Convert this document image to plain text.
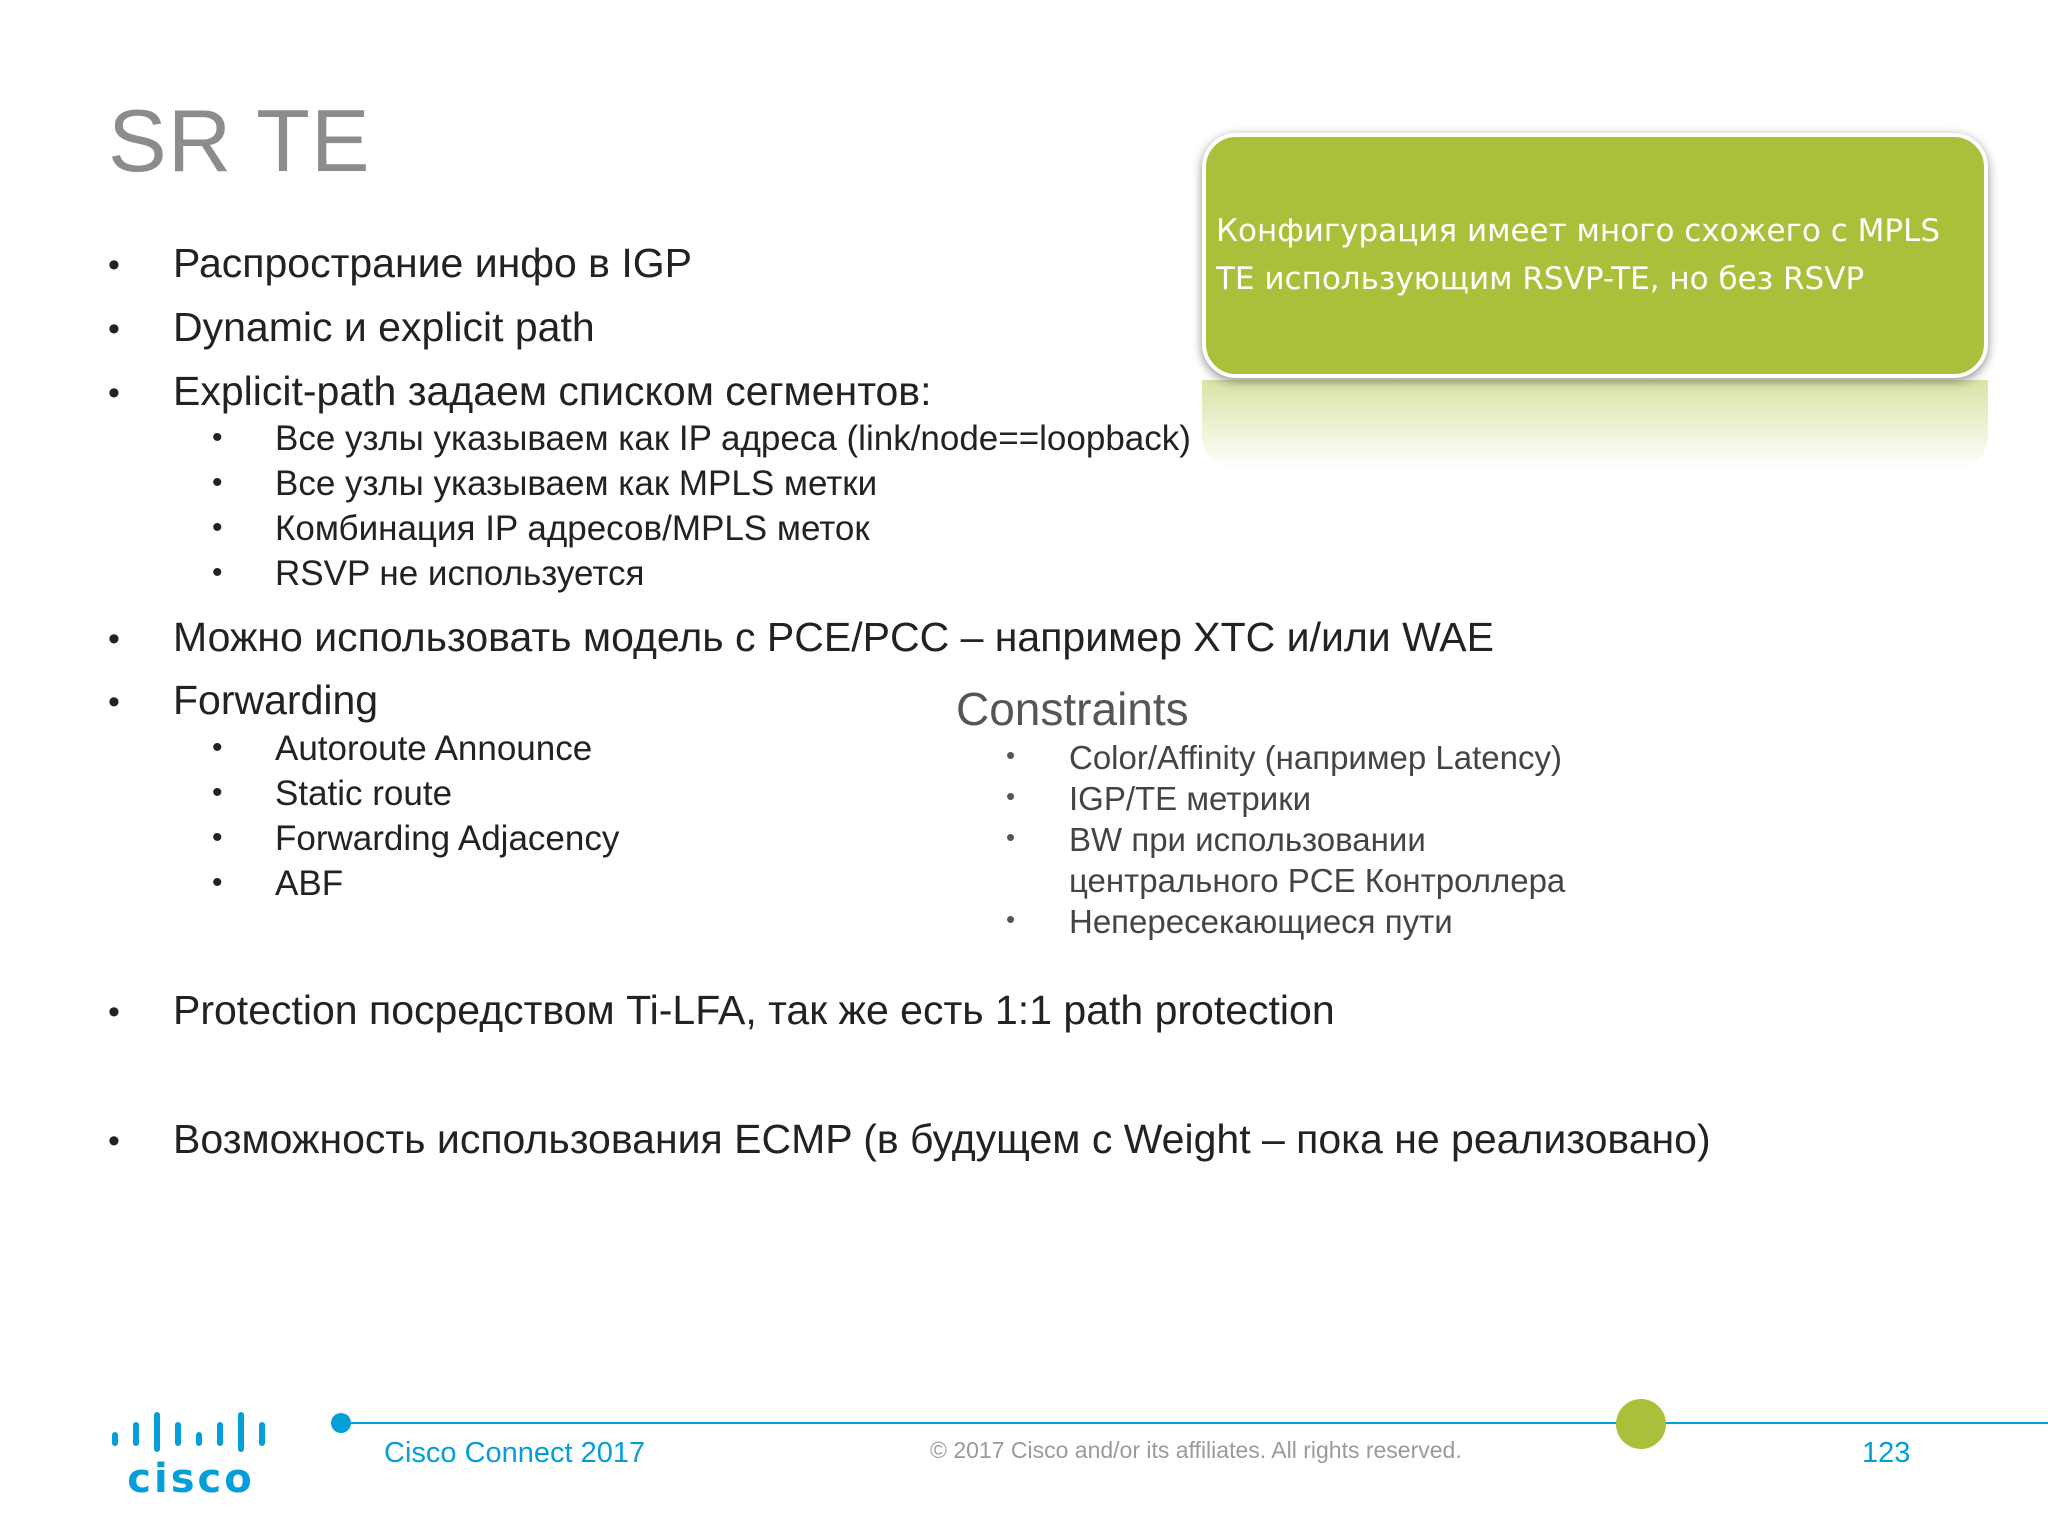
SR TE
Конфигурация имеет много схожего с MPLS
TE использующим RSVP-TE, но без RSVP
• Распространие инфо в IGP
• Dynamic и explicit path
• Explicit-path задаем списком сегментов:
• Все узлы указываем как IP адреса (link/node==loopback)
• Все узлы указываем как MPLS метки
• Комбинация IP адресов/MPLS меток
• RSVP не используется
• Можно использовать модель с PCE/PCC – например XTC и/или WAE
• Forwarding
• Autoroute Announce
• Static route
• Forwarding Adjacency
• ABF
Constraints
• Color/Affinity (например Latency)
• IGP/TE метрики
• BW при использовании
центрального PCE Контроллера
• Непересекающиеся пути
• Protection посредством Ti-LFA, так же есть 1:1 path protection
• Возможность использования ECMP (в будущем с Weight – пока не реализовано)
cisco
Cisco Connect 2017	© 2017 Cisco and/or its affiliates. All rights reserved.	123
